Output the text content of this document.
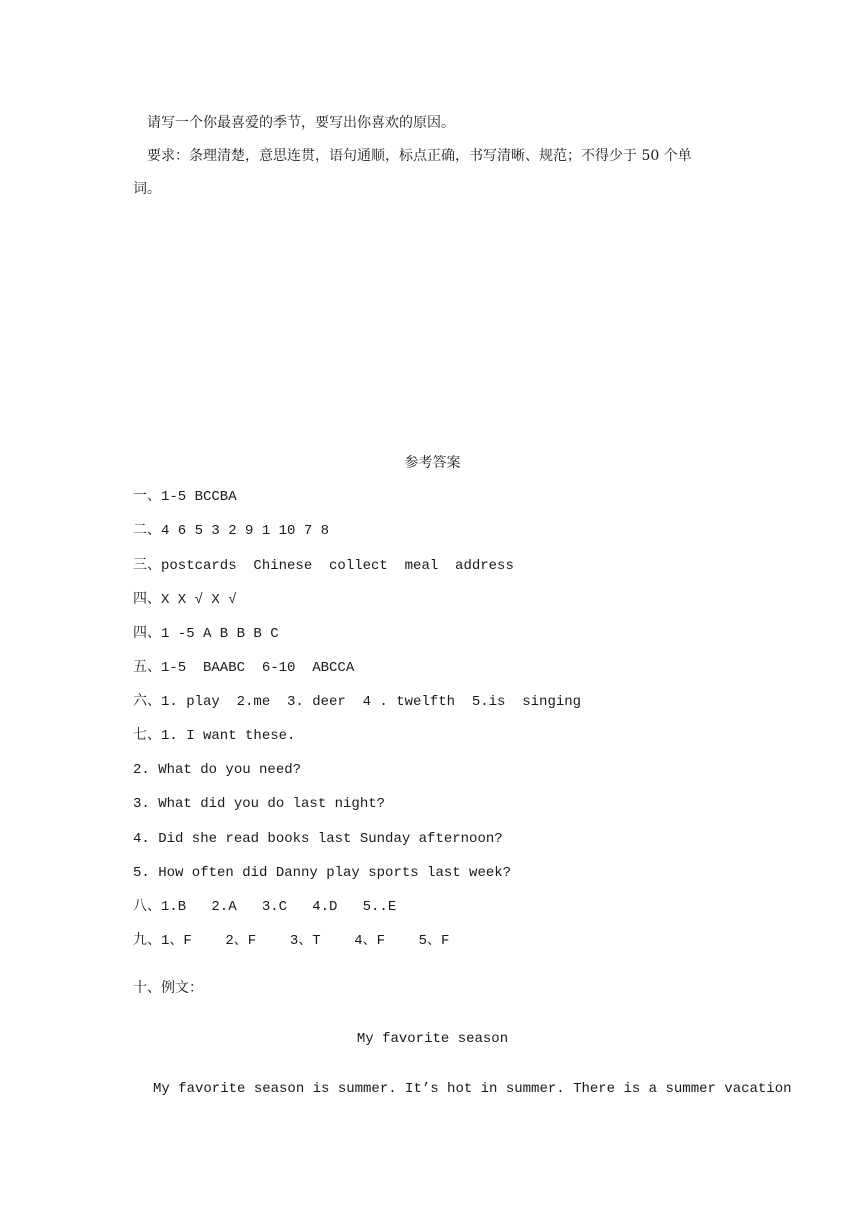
请写一个你最喜爱的季节，要写出你喜欢的原因。
要求：条理清楚，意思连贯，语句通顺，标点正确，书写清晰、规范；不得少于 50 个单
词。
参考答案
一、1-5 BCCBA
二、4 6 5 3 2 9 1 10 7 8
三、postcards  Chinese  collect  meal  address
四、X X √ X √
四、1 -5 A B B B C
五、1-5  BAABC  6-10  ABCCA
六、1. play  2.me  3. deer  4 . twelfth  5.is  singing
七、1. I want these.
2. What do you need?
3. What did you do last night?
4. Did she read books last Sunday afternoon?
5. How often did Danny play sports last week?
八、1.B   2.A   3.C   4.D   5..E
九、1、F    2、F    3、T    4、F    5、F
十、例文：
My favorite season
My favorite season is summer. It’s hot in summer. There is a summer vacation
